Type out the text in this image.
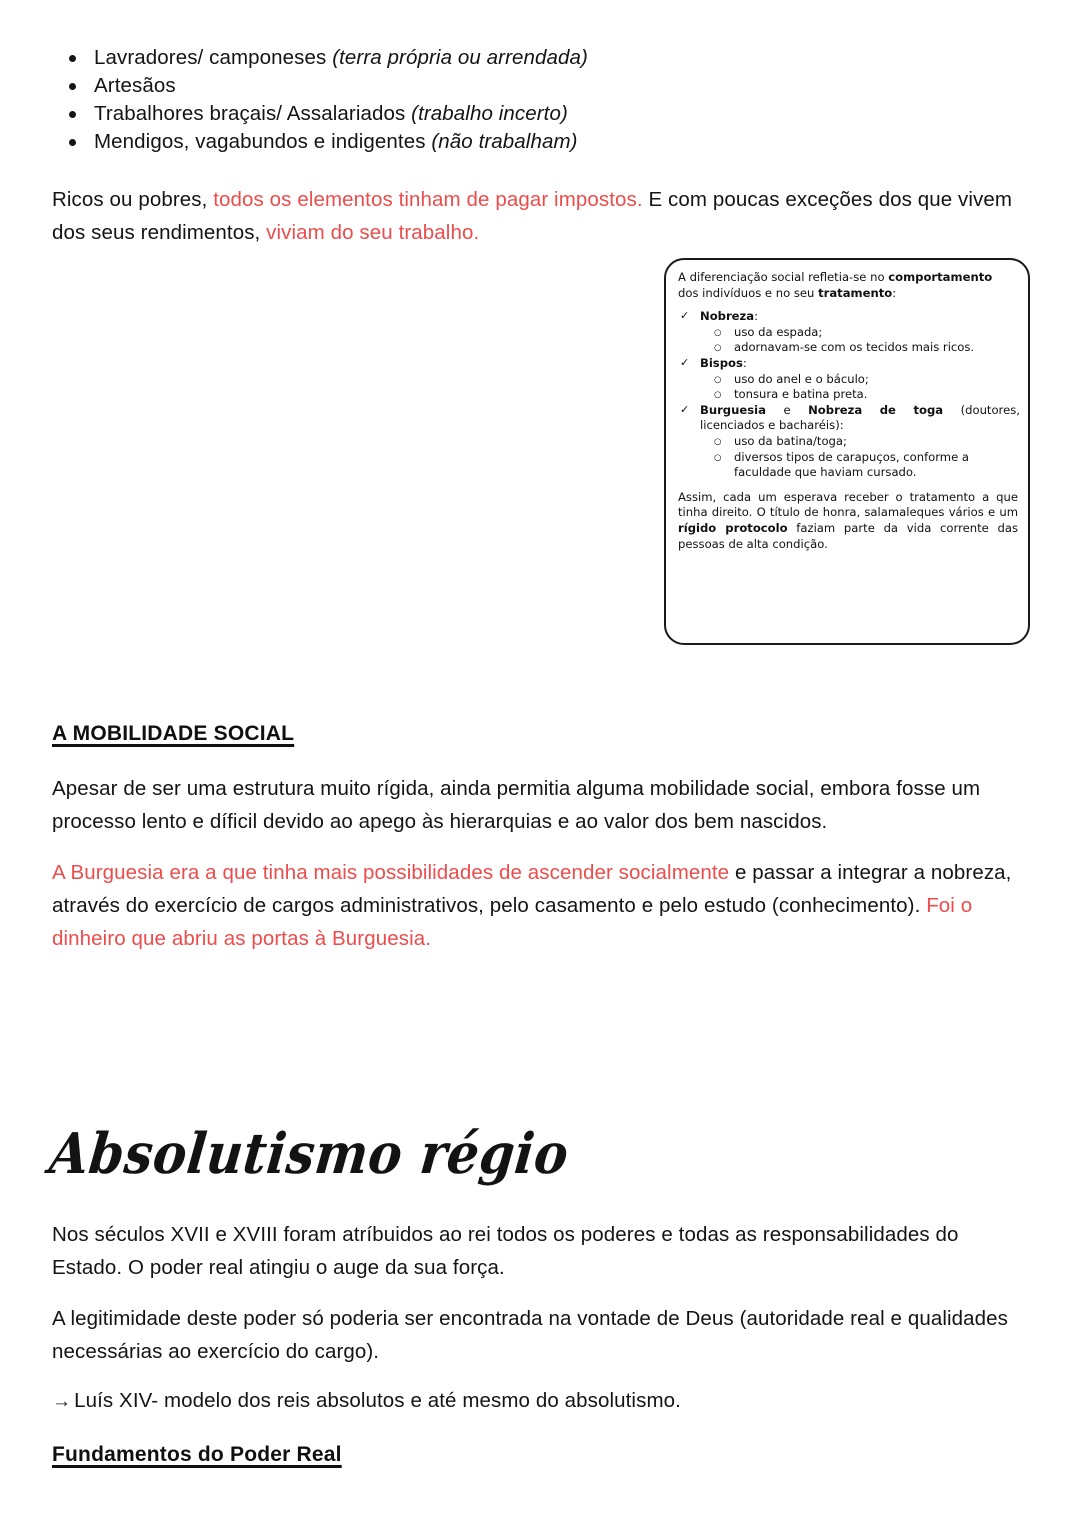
Lavradores/ camponeses (terra própria ou arrendada)
Artesãos
Trabalhores braçais/ Assalariados (trabalho incerto)
Mendigos, vagabundos e indigentes (não trabalham)
Ricos ou pobres, todos os elementos tinham de pagar impostos. E com poucas exceções dos que vivem dos seus rendimentos, viviam do seu trabalho.

A diferenciação social refletia-se no comportamento
dos indivíduos e no seu tratamento:

✓ Nobreza:
○ uso da espada;
○ adornavam-se com os tecidos mais ricos.
✓ Bispos:
○ uso do anel e o báculo;
○ tonsura e batina preta.
✓ Burguesia e Nobreza de toga (doutores,
licenciados e bacharéis):
○ uso da batina/toga;
○ diversos tipos de carapuços, conforme a
faculdade que haviam cursado.

Assim, cada um esperava receber o tratamento a que tinha direito. O título de honra, salamaleques vários e um rígido protocolo faziam parte da vida corrente das pessoas de alta condição.

A MOBILIDADE SOCIAL
Apesar de ser uma estrutura muito rígida, ainda permitia alguma mobilidade social, embora fosse um processo lento e díficil devido ao apego às hierarquias e ao valor dos bem nascidos.
A Burguesia era a que tinha mais possibilidades de ascender socialmente e passar a integrar a nobreza, através do exercício de cargos administrativos, pelo casamento e pelo estudo (conhecimento). Foi o dinheiro que abriu as portas à Burguesia.
Absolutismo régio
Nos séculos XVII e XVIII foram atríbuidos ao rei todos os poderes e todas as responsabilidades do Estado. O poder real atingiu o auge da sua força.
A legitimidade deste poder só poderia ser encontrada na vontade de Deus (autoridade real e qualidades necessárias ao exercício do cargo).
→ Luís XIV- modelo dos reis absolutos e até mesmo do absolutismo.
Fundamentos do Poder Real
